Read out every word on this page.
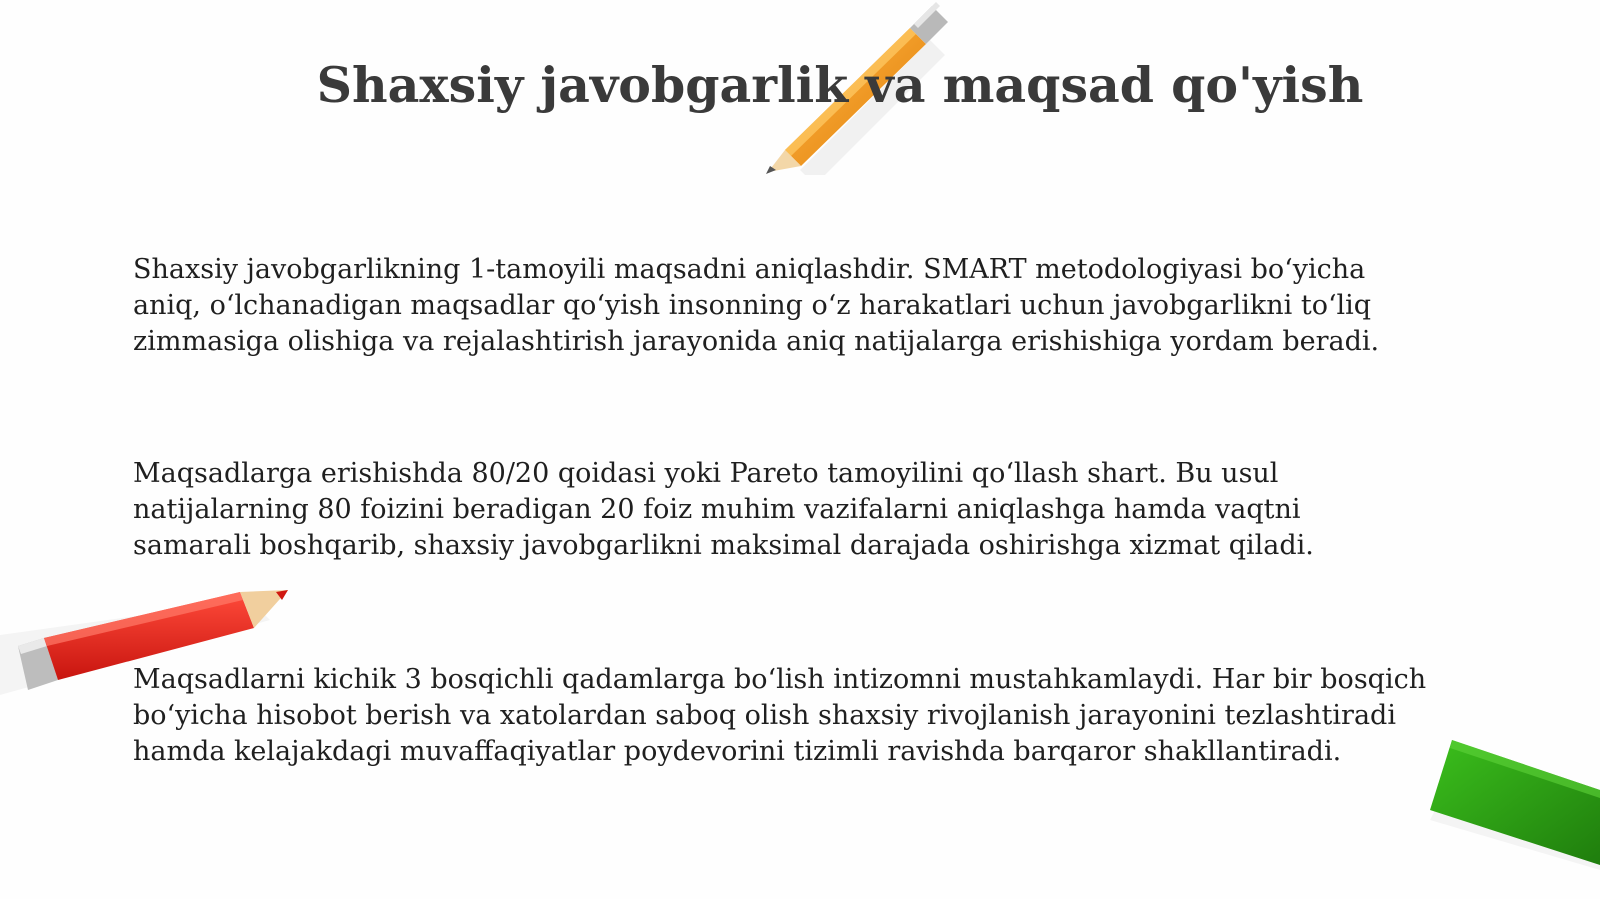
Shaxsiy javobgarlik va maqsad qo'yish

Shaxsiy javobgarlikning 1-tamoyili maqsadni aniqlashdir. SMART metodologiyasi bo‘yicha
aniq, o‘lchanadigan maqsadlar qo‘yish insonning o‘z harakatlari uchun javobgarlikni to‘liq
zimmasiga olishiga va rejalashtirish jarayonida aniq natijalarga erishishiga yordam beradi.

Maqsadlarga erishishda 80/20 qoidasi yoki Pareto tamoyilini qo‘llash shart. Bu usul
natijalarning 80 foizini beradigan 20 foiz muhim vazifalarni aniqlashga hamda vaqtni
samarali boshqarib, shaxsiy javobgarlikni maksimal darajada oshirishga xizmat qiladi.

Maqsadlarni kichik 3 bosqichli qadamlarga bo‘lish intizomni mustahkamlaydi. Har bir bosqich
bo‘yicha hisobot berish va xatolardan saboq olish shaxsiy rivojlanish jarayonini tezlashtiradi
hamda kelajakdagi muvaffaqiyatlar poydevorini tizimli ravishda barqaror shakllantiradi.
